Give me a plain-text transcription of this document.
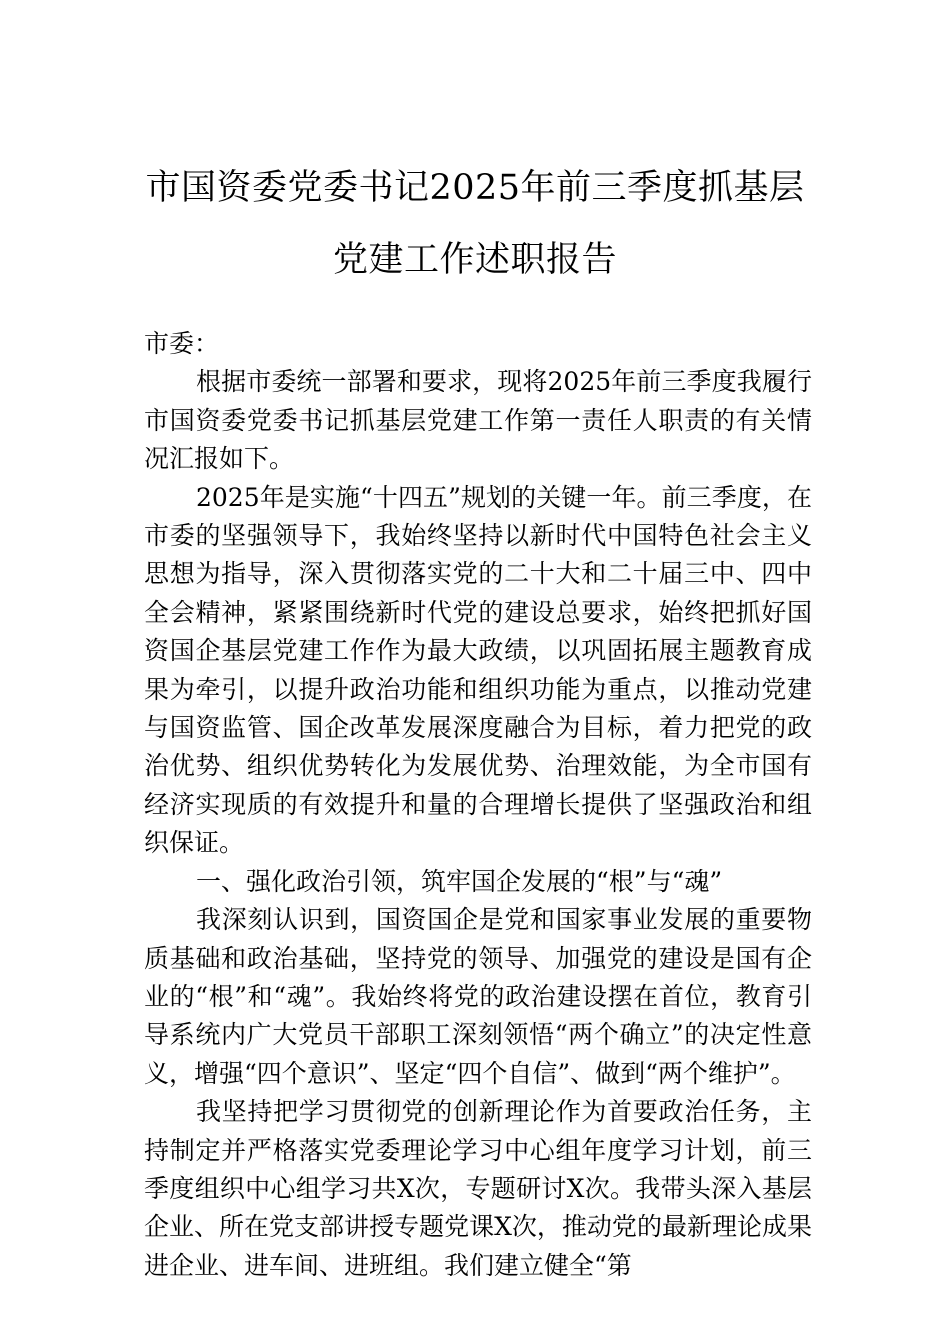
市国资委党委书记2025年前三季度抓基层
党建工作述职报告

市委：

根据市委统一部署和要求，现将2025年前三季度我履行市国资委党委书记抓基层党建工作第一责任人职责的有关情况汇报如下。

2025年是实施“十四五”规划的关键一年。前三季度，在市委的坚强领导下，我始终坚持以新时代中国特色社会主义思想为指导，深入贯彻落实党的二十大和二十届三中、四中全会精神，紧紧围绕新时代党的建设总要求，始终把抓好国资国企基层党建工作作为最大政绩，以巩固拓展主题教育成果为牵引，以提升政治功能和组织功能为重点，以推动党建与国资监管、国企改革发展深度融合为目标，着力把党的政治优势、组织优势转化为发展优势、治理效能，为全市国有经济实现质的有效提升和量的合理增长提供了坚强政治和组织保证。

一、强化政治引领，筑牢国企发展的“根”与“魂”

我深刻认识到，国资国企是党和国家事业发展的重要物质基础和政治基础，坚持党的领导、加强党的建设是国有企业的“根”和“魂”。我始终将党的政治建设摆在首位，教育引导系统内广大党员干部职工深刻领悟“两个确立”的决定性意义，增强“四个意识”、坚定“四个自信”、做到“两个维护”。

我坚持把学习贯彻党的创新理论作为首要政治任务，主持制定并严格落实党委理论学习中心组年度学习计划，前三季度组织中心组学习共X次，专题研讨X次。我带头深入基层企业、所在党支部讲授专题党课X次，推动党的最新理论成果进企业、进车间、进班组。我们建立健全“第
